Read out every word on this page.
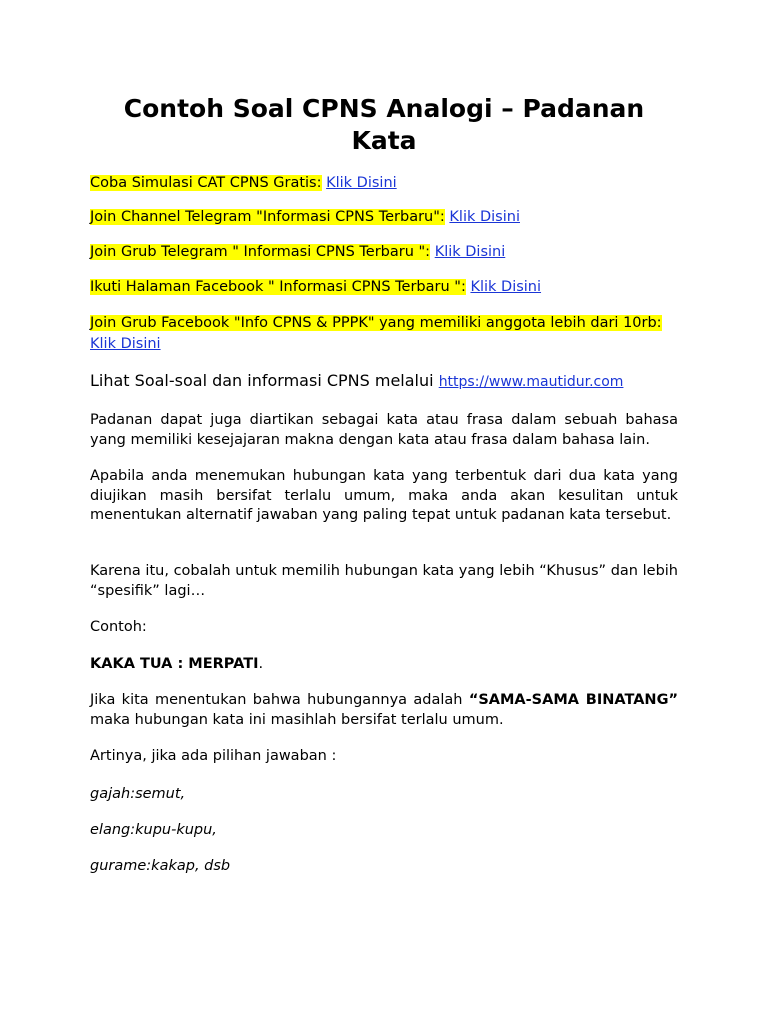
Contoh Soal CPNS Analogi – Padanan Kata

Coba Simulasi CAT CPNS Gratis: Klik Disini

Join Channel Telegram "Informasi CPNS Terbaru": Klik Disini

Join Grub Telegram " Informasi CPNS Terbaru ": Klik Disini

Ikuti Halaman Facebook " Informasi CPNS Terbaru ": Klik Disini

Join Grub Facebook "Info CPNS & PPPK" yang memiliki anggota lebih dari 10rb: Klik Disini

Lihat Soal-soal dan informasi CPNS melalui https://www.mautidur.com

Padanan dapat juga diartikan sebagai kata atau frasa dalam sebuah bahasa yang memiliki kesejajaran makna dengan kata atau frasa dalam bahasa lain.

Apabila anda menemukan hubungan kata yang terbentuk dari dua kata yang diujikan masih bersifat terlalu umum, maka anda akan kesulitan untuk menentukan alternatif jawaban yang paling tepat untuk padanan kata tersebut.

Karena itu, cobalah untuk memilih hubungan kata yang lebih “Khusus” dan lebih “spesifik” lagi…

Contoh:

KAKA TUA : MERPATI.

Jika kita menentukan bahwa hubungannya adalah “SAMA-SAMA BINATANG” maka hubungan kata ini masihlah bersifat terlalu umum.

Artinya, jika ada pilihan jawaban :

gajah:semut,

elang:kupu-kupu,

gurame:kakap, dsb
